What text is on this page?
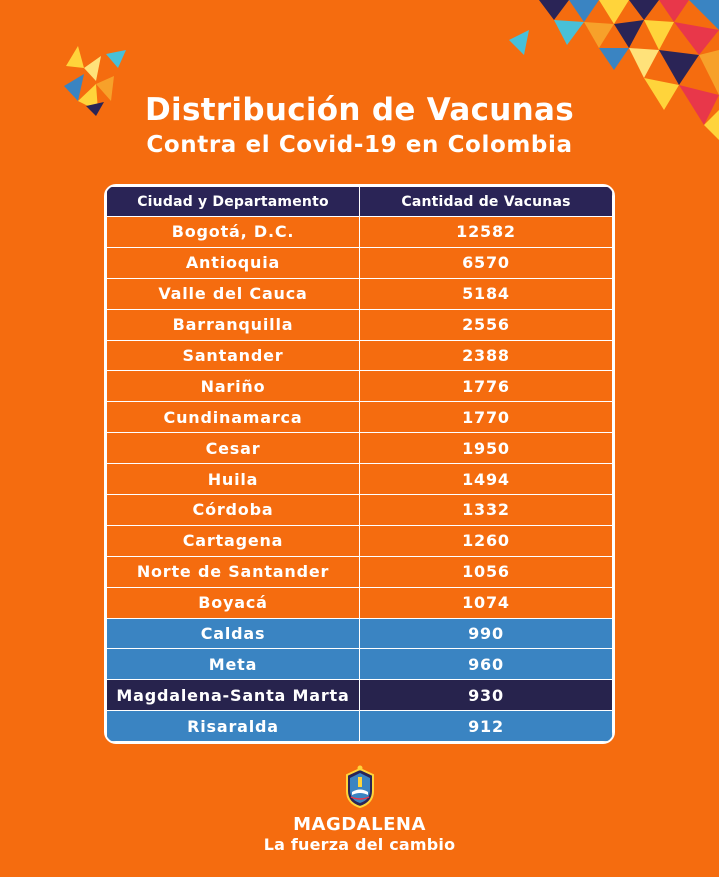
Distribución de Vacunas
Contra el Covid-19 en Colombia
Ciudad y Departamento	Cantidad de Vacunas
Bogotá, D.C.	12582
Antioquia	6570
Valle del Cauca	5184
Barranquilla	2556
Santander	2388
Nariño	1776
Cundinamarca	1770
Cesar	1950
Huila	1494
Córdoba	1332
Cartagena	1260
Norte de Santander	1056
Boyacá	1074
Caldas	990
Meta	960
Magdalena-Santa Marta	930
Risaralda	912
MAGDALENA
La fuerza del cambio
